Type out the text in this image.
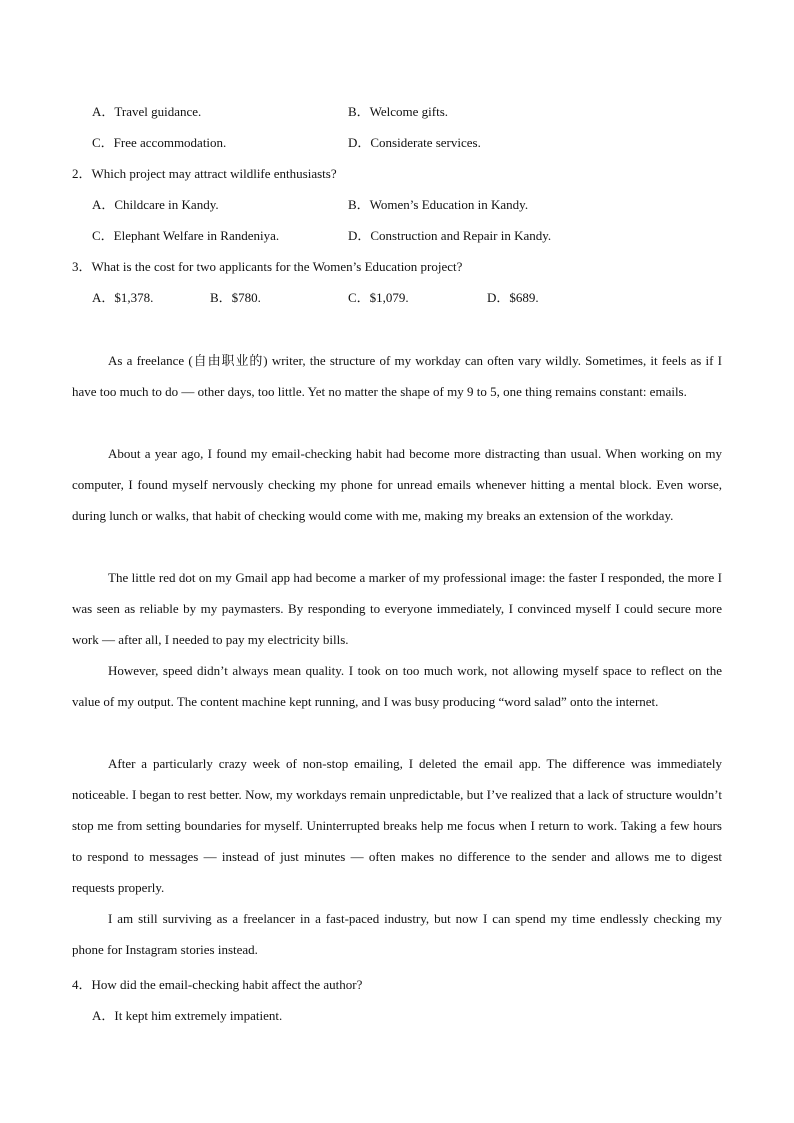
A．Travel guidance.	B．Welcome gifts.
C．Free accommodation.	D．Considerate services.
2．Which project may attract wildlife enthusiasts?
A．Childcare in Kandy.	B．Women’s Education in Kandy.
C．Elephant Welfare in Randeniya.	D．Construction and Repair in Kandy.
3．What is the cost for two applicants for the Women’s Education project?
A．$1,378.	B．$780.	C．$1,079.	D．$689.

As a freelance (自由职业的) writer, the structure of my workday can often vary wildly. Sometimes, it feels as if I have too much to do — other days, too little. Yet no matter the shape of my 9 to 5, one thing remains constant: emails.

About a year ago, I found my email-checking habit had become more distracting than usual. When working on my computer, I found myself nervously checking my phone for unread emails whenever hitting a mental block. Even worse, during lunch or walks, that habit of checking would come with me, making my breaks an extension of the workday.

The little red dot on my Gmail app had become a marker of my professional image: the faster I responded, the more I was seen as reliable by my paymasters. By responding to everyone immediately, I convinced myself I could secure more work — after all, I needed to pay my electricity bills.

However, speed didn’t always mean quality. I took on too much work, not allowing myself space to reflect on the value of my output. The content machine kept running, and I was busy producing “word salad” onto the internet.

After a particularly crazy week of non-stop emailing, I deleted the email app. The difference was immediately noticeable. I began to rest better. Now, my workdays remain unpredictable, but I’ve realized that a lack of structure wouldn’t stop me from setting boundaries for myself. Uninterrupted breaks help me focus when I return to work. Taking a few hours to respond to messages — instead of just minutes — often makes no difference to the sender and allows me to digest requests properly.

I am still surviving as a freelancer in a fast-paced industry, but now I can spend my time endlessly checking my phone for Instagram stories instead.

4．How did the email-checking habit affect the author?
A．It kept him extremely impatient.
